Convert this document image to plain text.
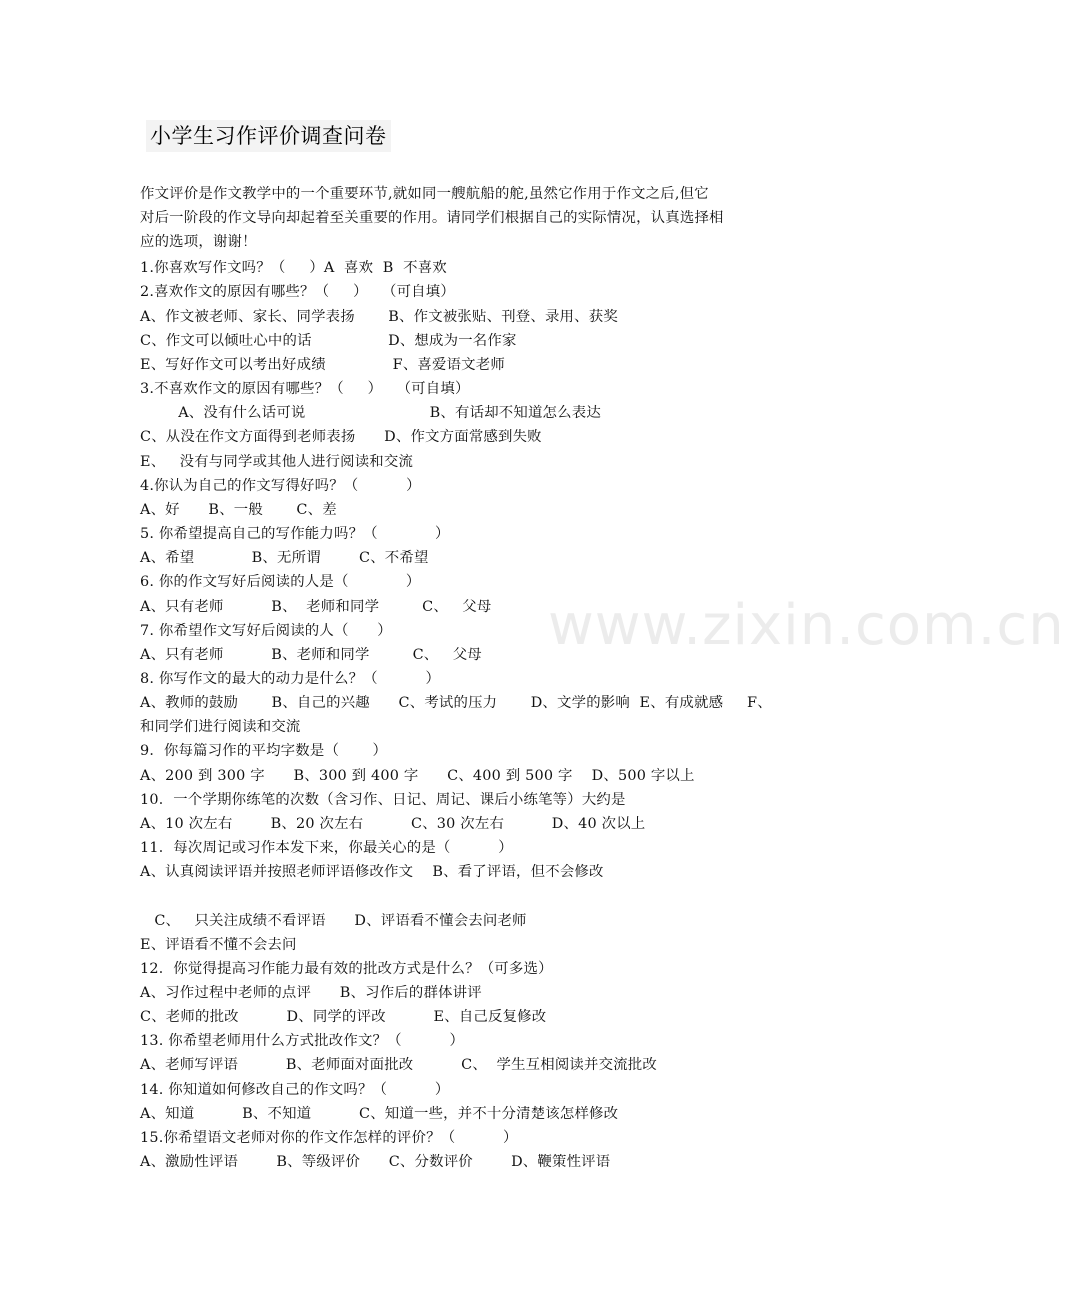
小学生习作评价调查问卷
www.zixin.com.cn
作文评价是作文教学中的一个重要环节,就如同一艘航船的舵,虽然它作用于作文之后,但它
对后一阶段的作文导向却起着至关重要的作用。请同学们根据自己的实际情况，认真选择相
应的选项，谢谢！
1.你喜欢写作文吗？（     ）A  喜欢  B  不喜欢
2.喜欢作文的原因有哪些？（     ）   （可自填）
A、作文被老师、家长、同学表扬       B、作文被张贴、刊登、录用、获奖
C、作文可以倾吐心中的话                D、想成为一名作家
E、写好作文可以考出好成绩              F、喜爱语文老师
3.不喜欢作文的原因有哪些？（     ）   （可自填）
A、没有什么话可说                          B、有话却不知道怎么表达
C、从没在作文方面得到老师表扬      D、作文方面常感到失败
E、   没有与同学或其他人进行阅读和交流
4.你认为自己的作文写得好吗？（          ）
A、好      B、一般       C、差
5. 你希望提高自己的写作能力吗？（            ）
A、希望            B、无所谓        C、不希望
6. 你的作文写好后阅读的人是（            ）
A、只有老师          B、  老师和同学         C、   父母
7. 你希望作文写好后阅读的人（      ）
A、只有老师          B、老师和同学         C、   父母
8. 你写作文的最大的动力是什么？（          ）
A、教师的鼓励       B、自己的兴趣      C、考试的压力       D、文学的影响  E、有成就感     F、
和同学们进行阅读和交流
9．你每篇习作的平均字数是（       ）
A、200 到 300 字      B、300 到 400 字      C、400 到 500 字    D、500 字以上
10．一个学期你练笔的次数（含习作、日记、周记、课后小练笔等）大约是
A、10 次左右        B、20 次左右          C、30 次左右          D、40 次以上
11．每次周记或习作本发下来，你最关心的是（          ）
A、认真阅读评语并按照老师评语修改作文    B、看了评语，但不会修改
C、   只关注成绩不看评语      D、评语看不懂会去问老师
E、评语看不懂不会去问
12．你觉得提高习作能力最有效的批改方式是什么？（可多选）
A、习作过程中老师的点评      B、习作后的群体讲评
C、老师的批改          D、同学的评改          E、自己反复修改
13. 你希望老师用什么方式批改作文？（          ）
A、老师写评语          B、老师面对面批改          C、  学生互相阅读并交流批改
14. 你知道如何修改自己的作文吗？（          ）
A、知道          B、不知道          C、知道一些，并不十分清楚该怎样修改
15.你希望语文老师对你的作文作怎样的评价？（          ）
A、激励性评语        B、等级评价      C、分数评价        D、鞭策性评语
